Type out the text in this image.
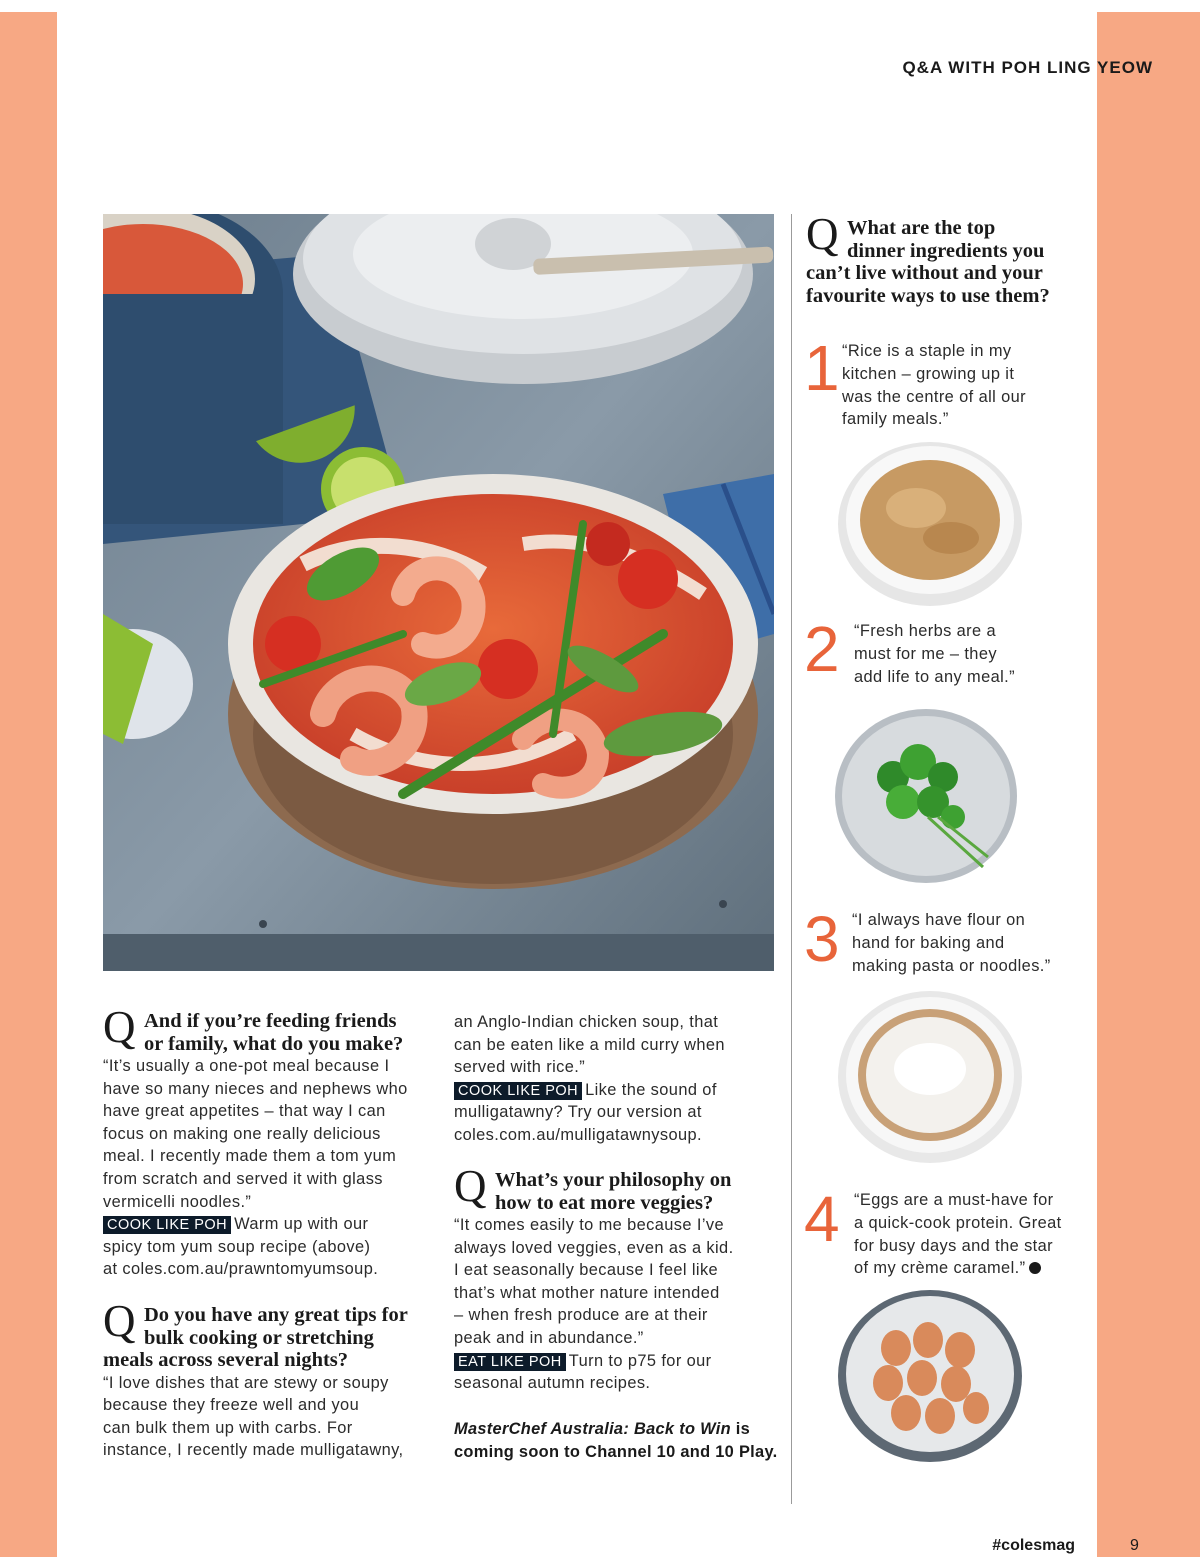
Q&A WITH POH LING YEOW
Q What are the top
dinner ingredients you
can’t live without and your
favourite ways to use them?
1 “Rice is a staple in my
kitchen – growing up it
was the centre of all our
family meals.”
2 “Fresh herbs are a
must for me – they
add life to any meal.”
3 “I always have flour on
hand for baking and
making pasta or noodles.”
4 “Eggs are a must-have for
a quick-cook protein. Great
for busy days and the star
of my crème caramel.”
Q And if you’re feeding friends
or family, what do you make?

“It’s usually a one-pot meal because I

have so many nieces and nephews who

have great appetites – that way I can

focus on making one really delicious

meal. I recently made them a tom yum

from scratch and served it with glass

vermicelli noodles.”

COOK LIKE POH Warm up with our

spicy tom yum soup recipe (above)

at coles.com.au/prawntomyumsoup.

Q Do you have any great tips for
bulk cooking or stretching
meals across several nights?

“I love dishes that are stewy or soupy

because they freeze well and you

can bulk them up with carbs. For

instance, I recently made mulligatawny,

an Anglo-Indian chicken soup, that

can be eaten like a mild curry when

served with rice.”

COOK LIKE POH Like the sound of

mulligatawny? Try our version at

coles.com.au/mulligatawnysoup.

Q What’s your philosophy on
how to eat more veggies?

“It comes easily to me because I’ve

always loved veggies, even as a kid.

I eat seasonally because I feel like

that’s what mother nature intended

– when fresh produce are at their

peak and in abundance.”

EAT LIKE POH Turn to p75 for our

seasonal autumn recipes.

MasterChef Australia: Back to Win is
coming soon to Channel 10 and 10 Play.
#colesmag	9
